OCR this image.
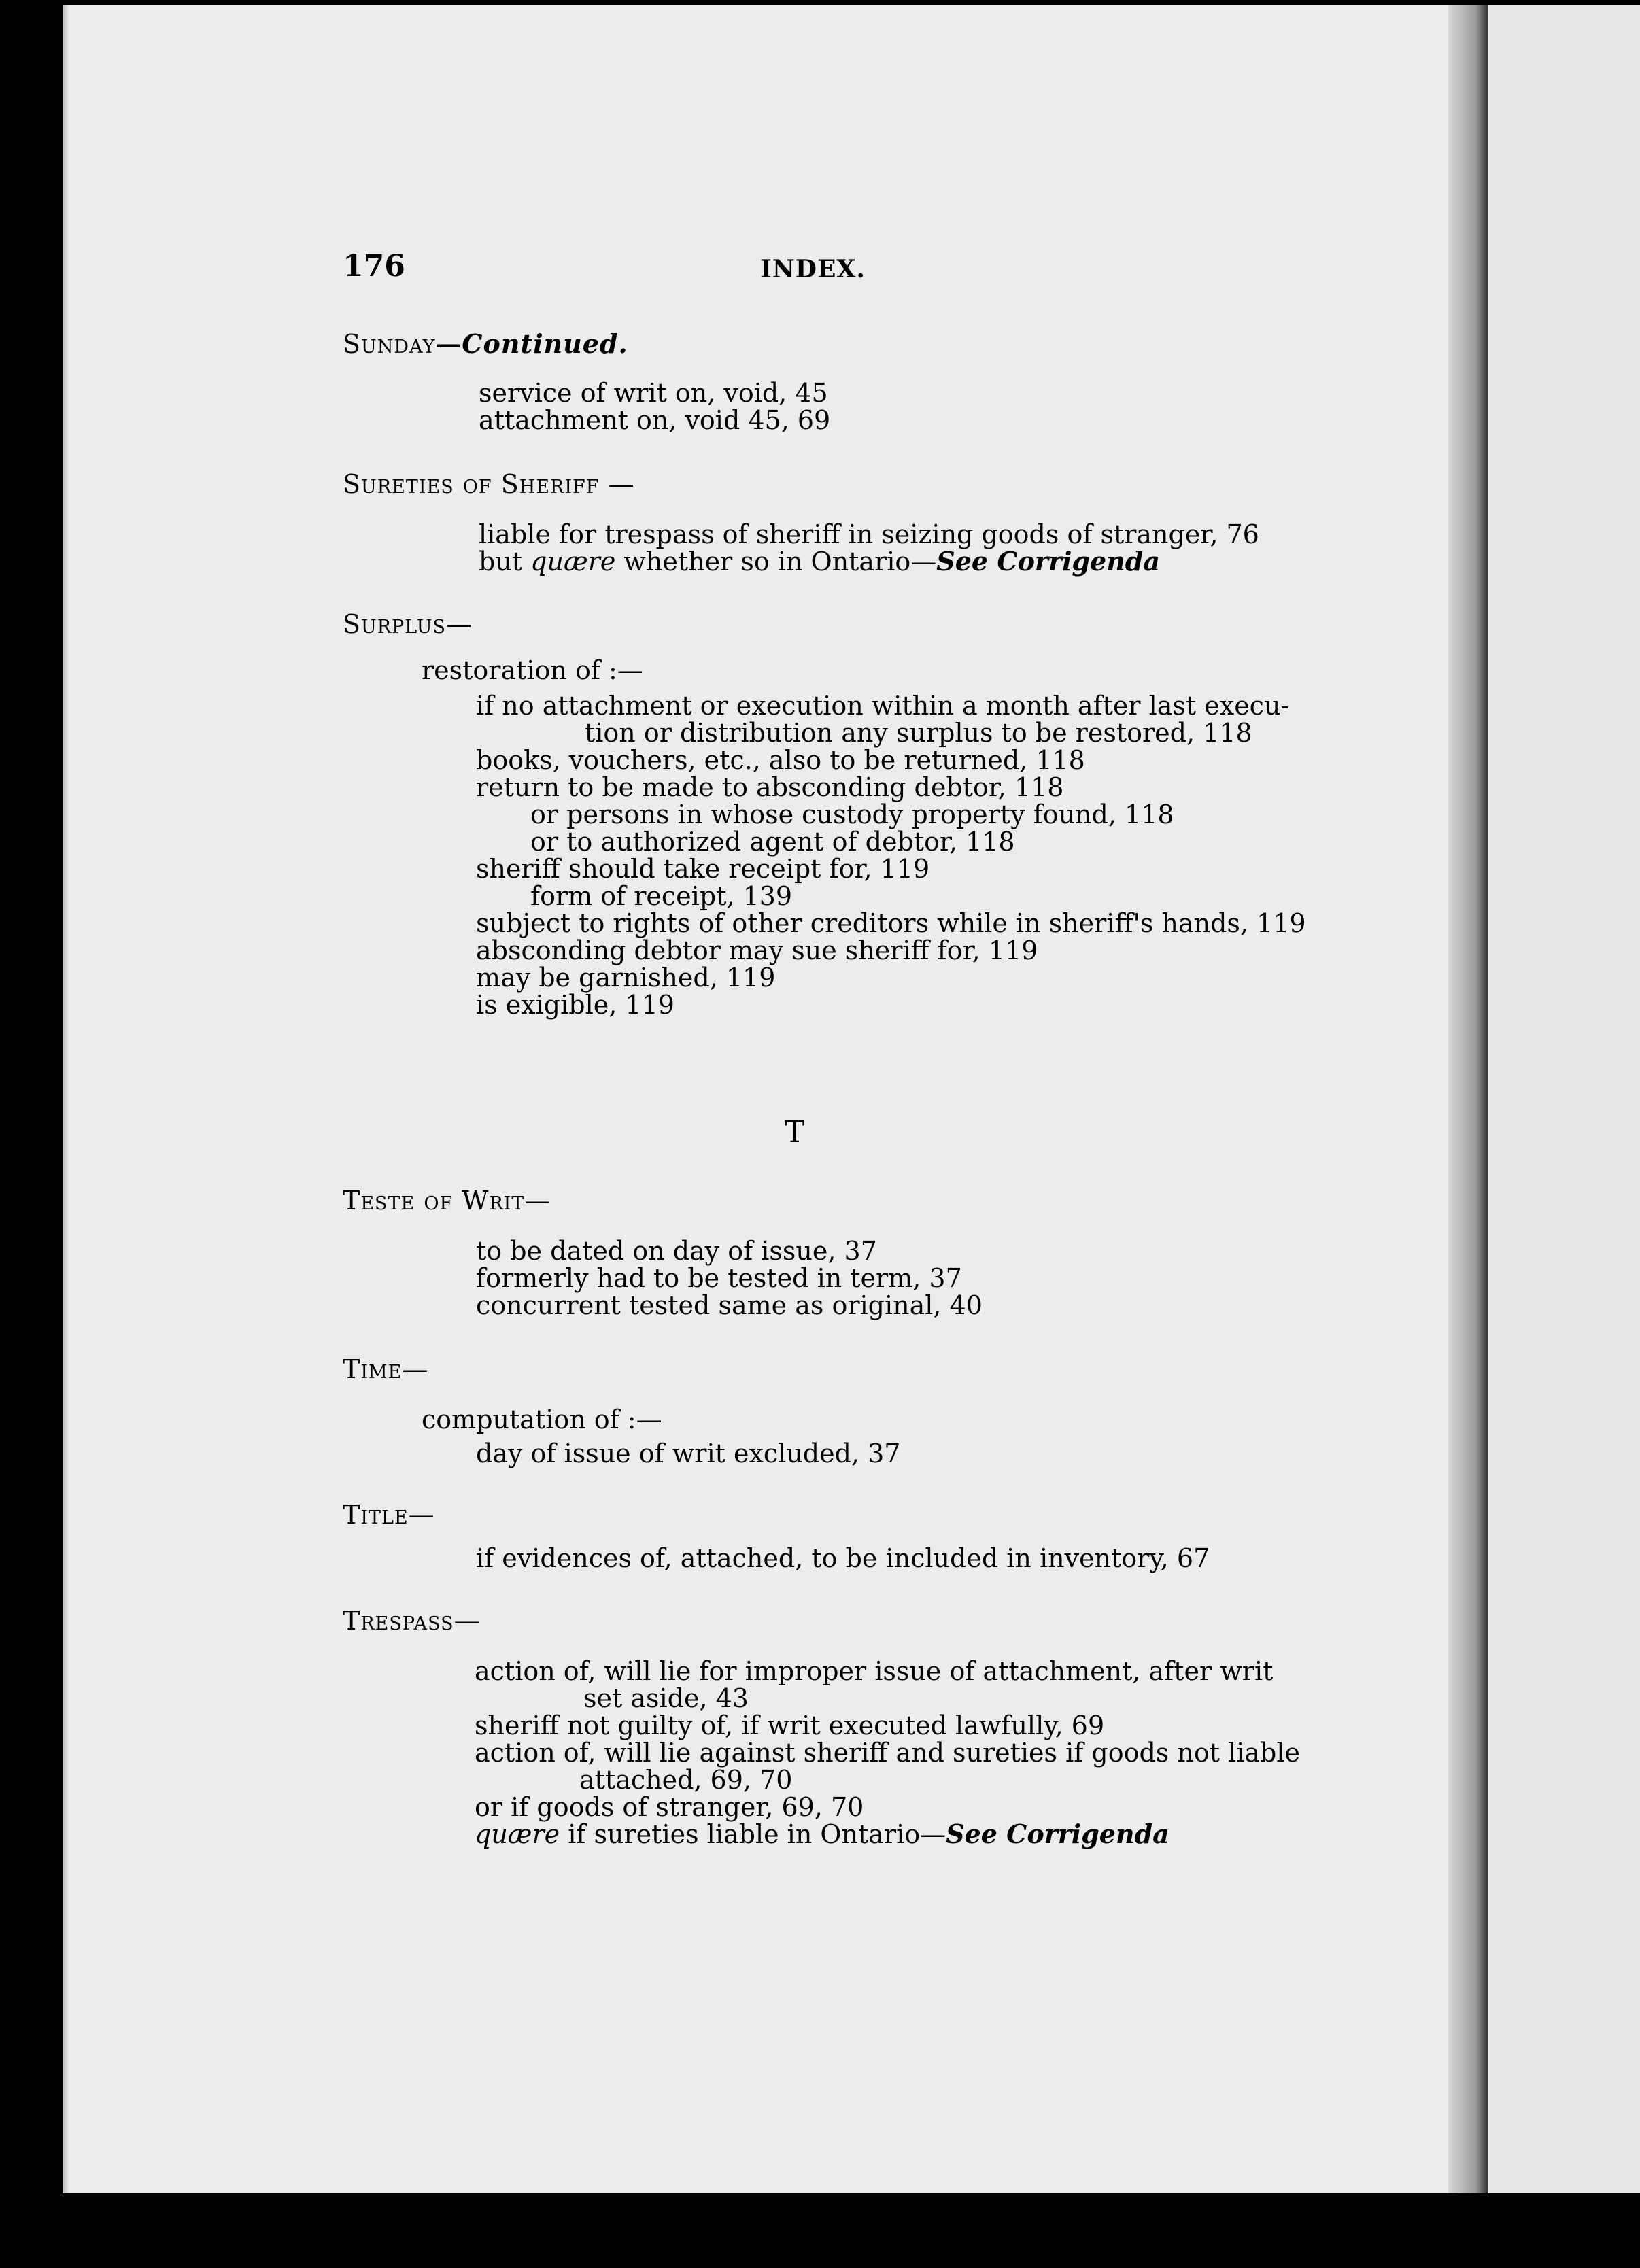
176	INDEX.
Sunday—Continued.
service of writ on, void, 45
attachment on, void 45, 69
Sureties of Sheriff —
liable for trespass of sheriff in seizing goods of stranger, 76
but quære whether so in Ontario—See Corrigenda
Surplus—
restoration of :—
if no attachment or execution within a month after last execu-
tion or distribution any surplus to be restored, 118
books, vouchers, etc., also to be returned, 118
return to be made to absconding debtor, 118
or persons in whose custody property found, 118
or to authorized agent of debtor, 118
sheriff should take receipt for, 119
form of receipt, 139
subject to rights of other creditors while in sheriff's hands, 119
absconding debtor may sue sheriff for, 119
may be garnished, 119
is exigible, 119
T
Teste of Writ—
to be dated on day of issue, 37
formerly had to be tested in term, 37
concurrent tested same as original, 40
Time—
computation of :—
day of issue of writ excluded, 37
Title—
if evidences of, attached, to be included in inventory, 67
Trespass—
action of, will lie for improper issue of attachment, after writ
set aside, 43
sheriff not guilty of, if writ executed lawfully, 69
action of, will lie against sheriff and sureties if goods not liable
attached, 69, 70
or if goods of stranger, 69, 70
quære if sureties liable in Ontario—See Corrigenda
